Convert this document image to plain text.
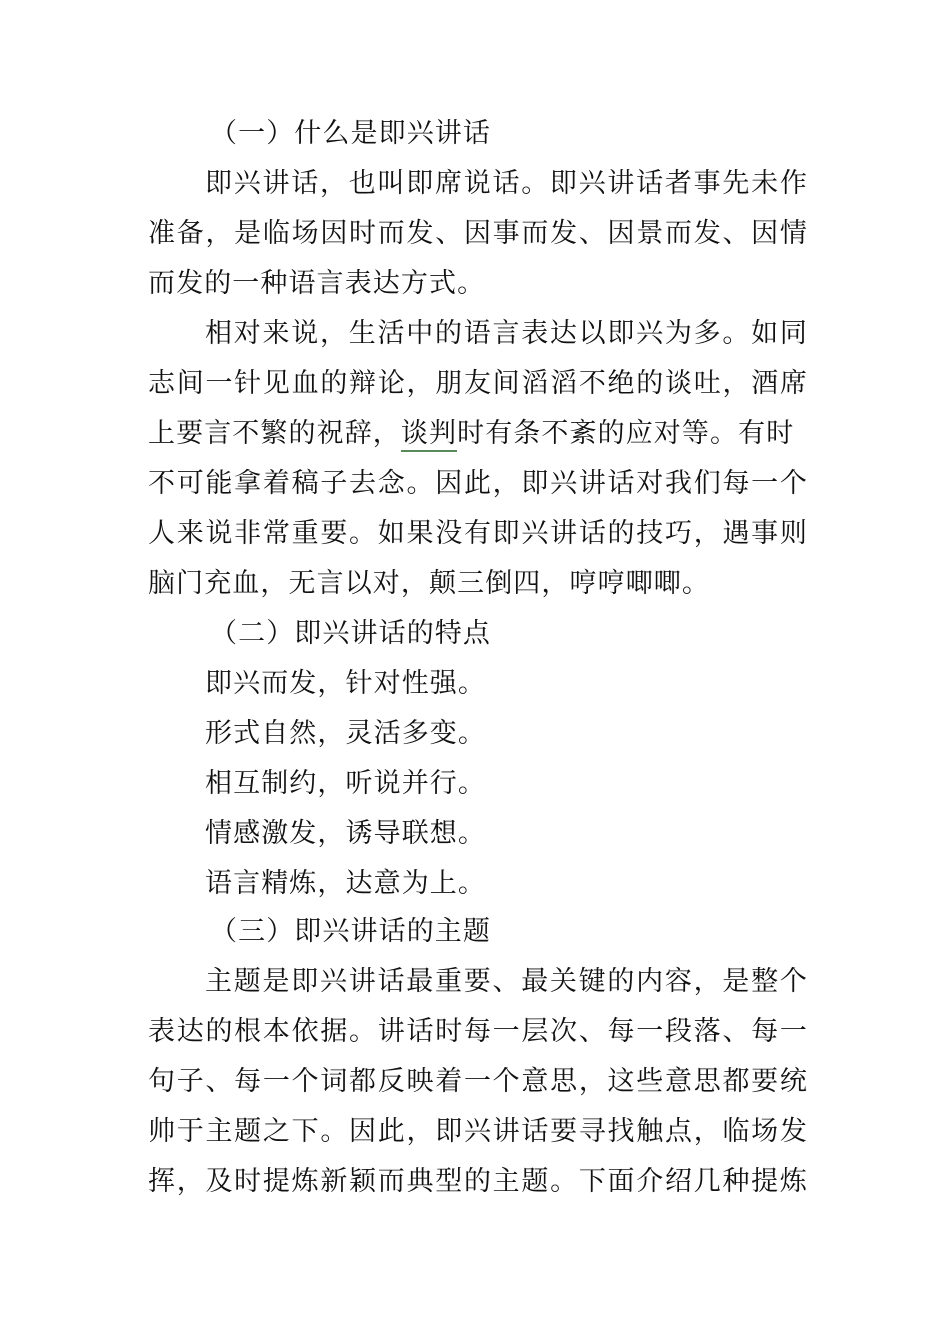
（一）什么是即兴讲话
即兴讲话，也叫即席说话。即兴讲话者事先未作
准备，是临场因时而发、因事而发、因景而发、因情
而发的一种语言表达方式。
相对来说，生活中的语言表达以即兴为多。如同
志间一针见血的辩论，朋友间滔滔不绝的谈吐，酒席
上要言不繁的祝辞，谈判时有条不紊的应对等。有时
不可能拿着稿子去念。因此，即兴讲话对我们每一个
人来说非常重要。如果没有即兴讲话的技巧，遇事则
脑门充血，无言以对，颠三倒四，哼哼唧唧。
（二）即兴讲话的特点
即兴而发，针对性强。
形式自然，灵活多变。
相互制约，听说并行。
情感激发，诱导联想。
语言精炼，达意为上。
（三）即兴讲话的主题
主题是即兴讲话最重要、最关键的内容，是整个
表达的根本依据。讲话时每一层次、每一段落、每一
句子、每一个词都反映着一个意思，这些意思都要统
帅于主题之下。因此，即兴讲话要寻找触点，临场发
挥，及时提炼新颖而典型的主题。下面介绍几种提炼
